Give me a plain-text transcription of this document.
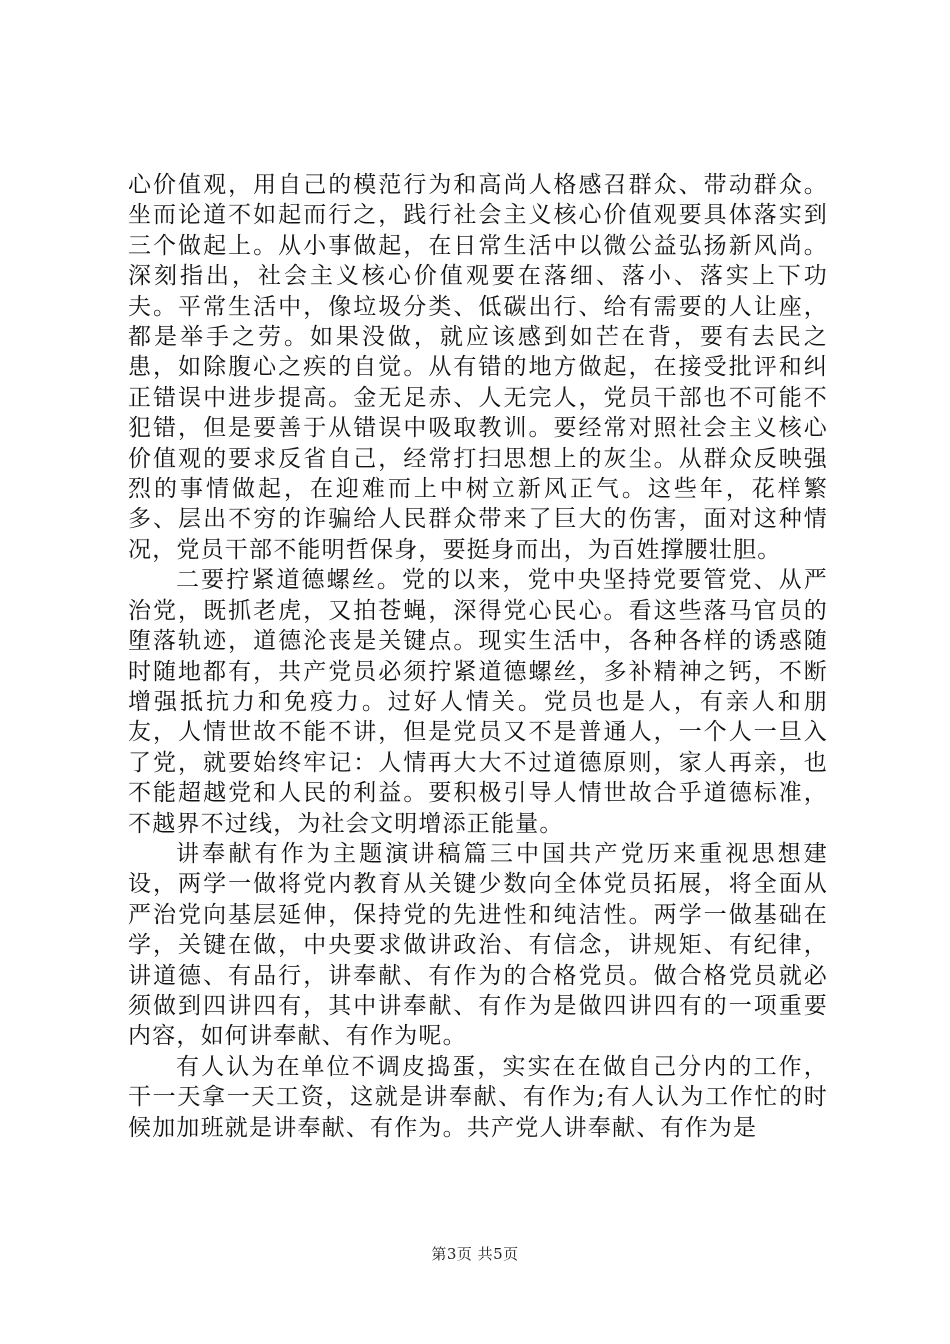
心价值观，用自己的模范行为和高尚人格感召群众、带动群众。坐而论道不如起而行之，践行社会主义核心价值观要具体落实到三个做起上。从小事做起，在日常生活中以微公益弘扬新风尚。深刻指出，社会主义核心价值观要在落细、落小、落实上下功夫。平常生活中，像垃圾分类、低碳出行、给有需要的人让座，都是举手之劳。如果没做，就应该感到如芒在背，要有去民之患，如除腹心之疾的自觉。从有错的地方做起，在接受批评和纠正错误中进步提高。金无足赤、人无完人，党员干部也不可能不犯错，但是要善于从错误中吸取教训。要经常对照社会主义核心价值观的要求反省自己，经常打扫思想上的灰尘。从群众反映强烈的事情做起，在迎难而上中树立新风正气。这些年，花样繁多、层出不穷的诈骗给人民群众带来了巨大的伤害，面对这种情况，党员干部不能明哲保身，要挺身而出，为百姓撑腰壮胆。

二要拧紧道德螺丝。党的以来，党中央坚持党要管党、从严治党，既抓老虎，又拍苍蝇，深得党心民心。看这些落马官员的堕落轨迹，道德沦丧是关键点。现实生活中，各种各样的诱惑随时随地都有，共产党员必须拧紧道德螺丝，多补精神之钙，不断增强抵抗力和免疫力。过好人情关。党员也是人，有亲人和朋友，人情世故不能不讲，但是党员又不是普通人，一个人一旦入了党，就要始终牢记：人情再大大不过道德原则，家人再亲，也不能超越党和人民的利益。要积极引导人情世故合乎道德标准，不越界不过线，为社会文明增添正能量。

讲奉献有作为主题演讲稿篇三中国共产党历来重视思想建设，两学一做将党内教育从关键少数向全体党员拓展，将全面从严治党向基层延伸，保持党的先进性和纯洁性。两学一做基础在学，关键在做，中央要求做讲政治、有信念，讲规矩、有纪律，讲道德、有品行，讲奉献、有作为的合格党员。做合格党员就必须做到四讲四有，其中讲奉献、有作为是做四讲四有的一项重要内容，如何讲奉献、有作为呢。

有人认为在单位不调皮捣蛋，实实在在做自己分内的工作，干一天拿一天工资，这就是讲奉献、有作为;有人认为工作忙的时候加加班就是讲奉献、有作为。共产党人讲奉献、有作为是

第3页 共5页
